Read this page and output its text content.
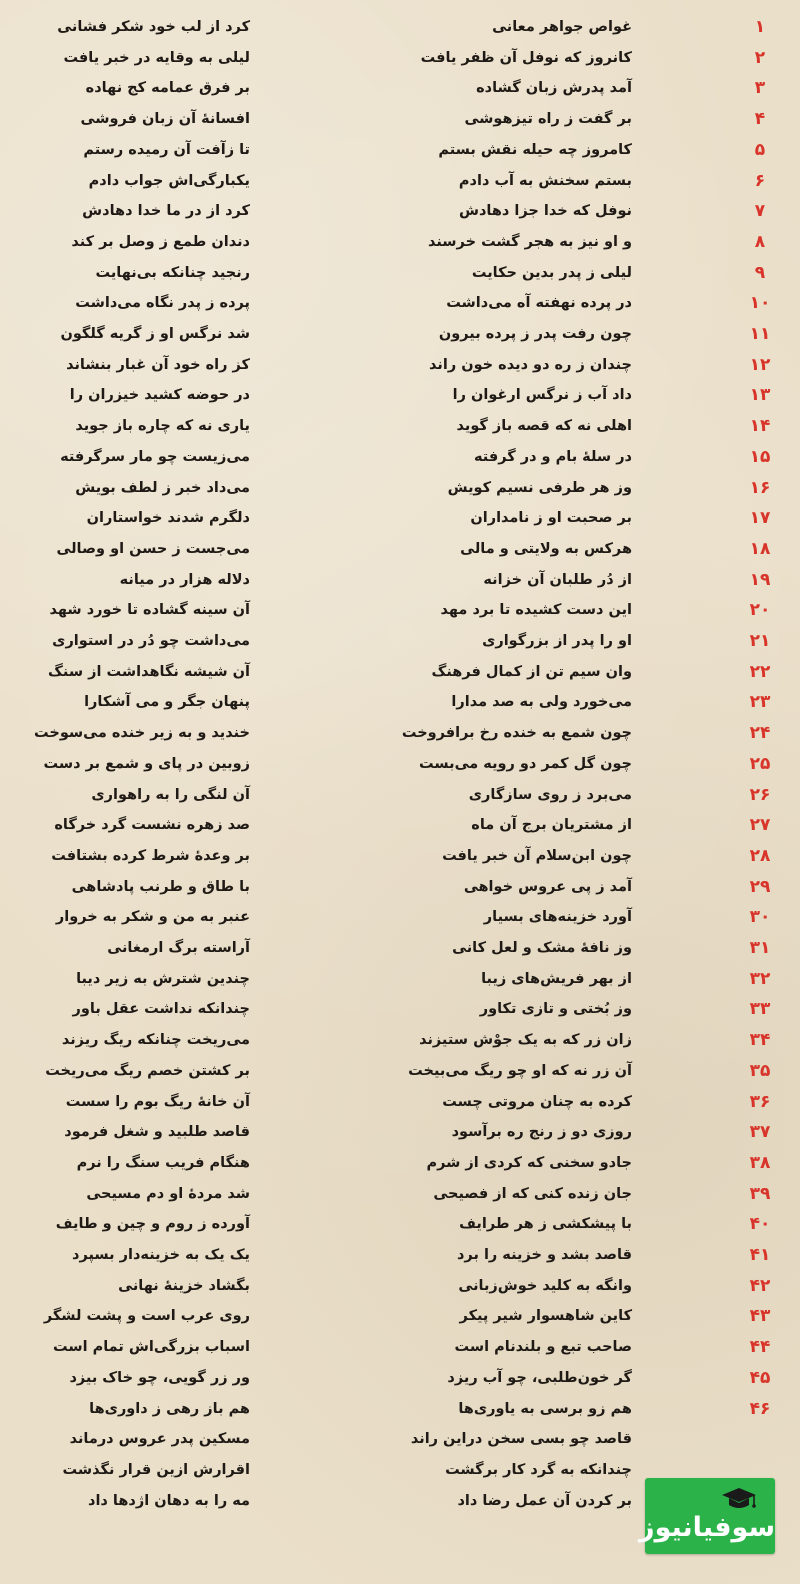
۱
غواص جواهر معانی
کرد از لب خود شکر فشانی
۲
کانروز که نوفل آن ظفر یافت
لیلی به وقایه در خبر یافت
۳
آمد پدرش زبان گشاده
بر فرق عمامه کج نهاده
۴
بر گفت ز راه تیزهوشی
افسانهٔ آن زبان فروشی
۵
کامروز چه حیله نقش بستم
تا زآفت آن رمیده رستم
۶
بستم سخنش به آب دادم
یکبارگی‌اش جواب دادم
۷
نوفل که خدا جزا دهادش
کرد از در ما خدا دهادش
۸
و او نیز به هجر گشت خرسند
دندان طمع ز وصل بر کند
۹
لیلی ز پدر بدین حکایت
رنجید چنانکه بی‌نهایت
۱۰
در پرده نهفته آه می‌داشت
پرده ز پدر نگاه می‌داشت
۱۱
چون رفت پدر ز پرده بیرون
شد نرگس او ز گریه گلگون
۱۲
چندان ز ره دو دیده خون راند
کز راه خود آن غبار بنشاند
۱۳
داد آب ز نرگس ارغوان را
در حوضه کشید خیزران را
۱۴
اهلی نه که قصه باز گوید
یاری نه که چاره باز جوید
۱۵
در سلهٔ بام و در گرفته
می‌زیست چو مار سرگرفته
۱۶
وز هر طرفی نسیم کویش
می‌داد خبر ز لطف بویش
۱۷
بر صحبت او ز نامداران
دلگرم شدند خواستاران
۱۸
هرکس به ولایتی و مالی
می‌جست ز حسن او وصالی
۱۹
از دُر طلبان آن خزانه
دلاله هزار در میانه
۲۰
این دست کشیده تا برد مهد
آن سینه گشاده تا خورد شهد
۲۱
او را پدر از بزرگواری
می‌داشت چو دُر در استواری
۲۲
وان سیم تن از کمال فرهنگ
آن شیشه نگاهداشت از سنگ
۲۳
می‌خورد ولی به صد مدارا
پنهان جگر و می آشکارا
۲۴
چون شمع به خنده رخ برافروخت
خندید و به زیر خنده می‌سوخت
۲۵
چون گل کمر دو رویه می‌بست
زوبین در پای و شمع بر دست
۲۶
می‌برد ز روی سازگاری
آن لنگی را به راهواری
۲۷
از مشتریان برج آن ماه
صد زهره نشست گرد خرگاه
۲۸
چون ابن‌سلام آن خبر یافت
بر وعدهٔ شرط کرده بشتافت
۲۹
آمد ز پی عروس خواهی
با طاق و طرنب پادشاهی
۳۰
آورد خزینه‌های بسیار
عنبر به من و شکر به خروار
۳۱
وز نافهٔ مشک و لعل کانی
آراسته برگ ارمغانی
۳۲
از بهر فریش‌های زیبا
چندین شترش به زیر دیبا
۳۳
وز بُختی و تازی تکاور
چندانکه نداشت عقل باور
۳۴
زان زر که به یک جوْش ستیزند
می‌ریخت چنانکه ریگ ریزند
۳۵
آن زر نه که او چو ریگ می‌بیخت
بر کشتن خصم ریگ می‌ریخت
۳۶
کرده به چنان مروتی چست
آن خانهٔ ریگ بوم را سست
۳۷
روزی دو ز رنج ره برآسود
قاصد طلبید و شغل فرمود
۳۸
جادو سخنی که کردی از شرم
هنگام فریب سنگ را نرم
۳۹
جان زنده کنی که از فصیحی
شد مردهٔ او دم مسیحی
۴۰
با پیشکشی ز هر طرایف
آورده ز روم و چین و طایف
۴۱
قاصد بشد و خزینه را برد
یک یک به خزینه‌دار بسپرد
۴۲
وانگه به کلید خوش‌زبانی
بگشاد خزینهٔ نهانی
۴۳
کاین شاهسوار شیر پیکر
روی عرب است و پشت لشگر
۴۴
صاحب تبع و بلندنام است
اسباب بزرگی‌اش تمام است
۴۵
گر خون‌طلبی، چو آب ریزد
ور زر گویی، چو خاک بیزد
۴۶
هم زو برسی به یاوری‌ها
هم باز رهی ز داوری‌ها
قاصد چو بسی سخن دراین راند
مسکین پدر عروس درماند
چندانکه به گرد کار برگشت
اقرارش ازین قرار نگذشت
بر کردن آن عمل رضا داد
مه را به دهان اژدها داد
سوفیانیوز
